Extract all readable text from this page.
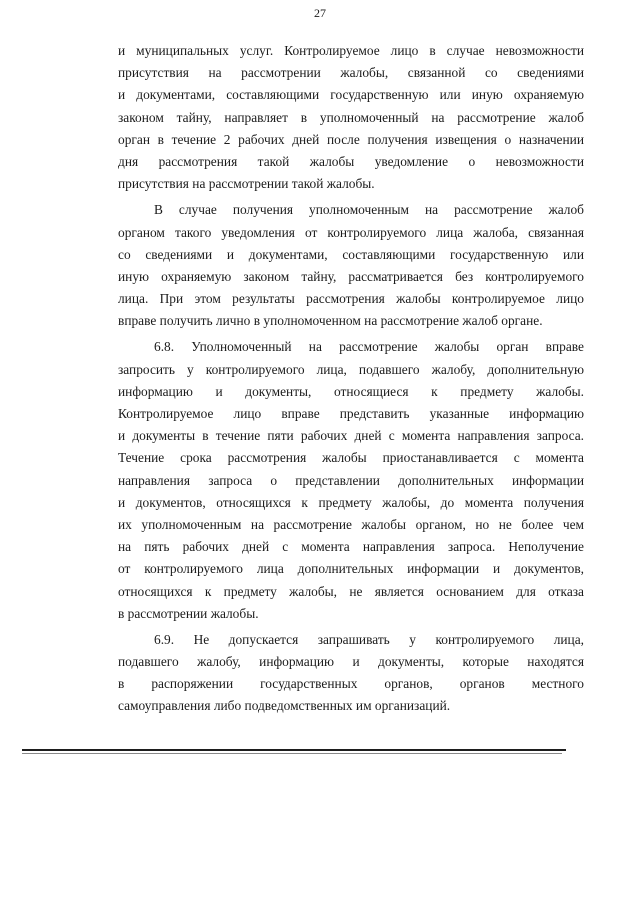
27
и муниципальных услуг. Контролируемое лицо в случае невозможности
присутствия на рассмотрении жалобы, связанной со сведениями
и документами, составляющими государственную или иную охраняемую
законом тайну, направляет в уполномоченный на рассмотрение жалоб
орган в течение 2 рабочих дней после получения извещения о назначении
дня рассмотрения такой жалобы уведомление о невозможности
присутствия на рассмотрении такой жалобы.
В случае получения уполномоченным на рассмотрение жалоб
органом такого уведомления от контролируемого лица жалоба, связанная
со сведениями и документами, составляющими государственную или
иную охраняемую законом тайну, рассматривается без контролируемого
лица. При этом результаты рассмотрения жалобы контролируемое лицо
вправе получить лично в уполномоченном на рассмотрение жалоб органе.
6.8. Уполномоченный на рассмотрение жалобы орган вправе
запросить у контролируемого лица, подавшего жалобу, дополнительную
информацию и документы, относящиеся к предмету жалобы.
Контролируемое лицо вправе представить указанные информацию
и документы в течение пяти рабочих дней с момента направления запроса.
Течение срока рассмотрения жалобы приостанавливается с момента
направления запроса о представлении дополнительных информации
и документов, относящихся к предмету жалобы, до момента получения
их уполномоченным на рассмотрение жалобы органом, но не более чем
на пять рабочих дней с момента направления запроса. Неполучение
от контролируемого лица дополнительных информации и документов,
относящихся к предмету жалобы, не является основанием для отказа
в рассмотрении жалобы.
6.9. Не допускается запрашивать у контролируемого лица,
подавшего жалобу, информацию и документы, которые находятся
в распоряжении государственных органов, органов местного
самоуправления либо подведомственных им организаций.
